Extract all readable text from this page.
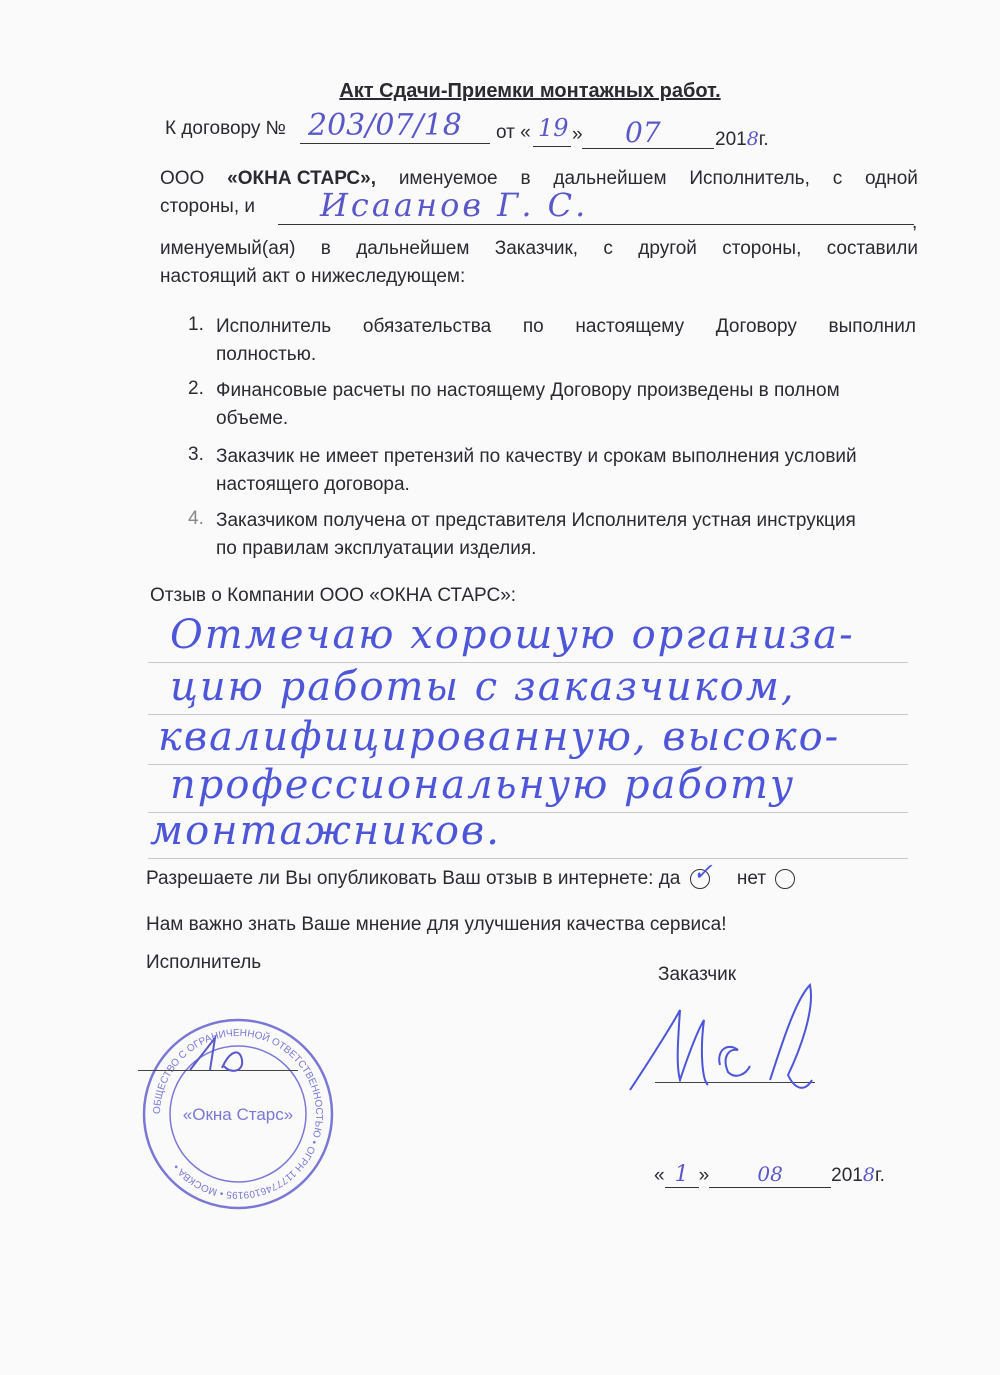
Акт Сдачи-Приемки монтажных работ.
К договору № 203/07/18 от « 19 » 07	2018г.
ООО «ОКНА СТАРС», именуемое в дальнейшем Исполнитель, с одной
стороны, и Исаанов Г. С.	,
именуемый(ая) в дальнейшем Заказчик, с другой стороны, составили
настоящий акт о нижеследующем:
1. Исполнитель обязательства по настоящему Договору выполнил
полностью.
2. Финансовые расчеты по настоящему Договору произведены в полном
объеме.
3. Заказчик не имеет претензий по качеству и срокам выполнения условий
настоящего договора.
4. Заказчиком получена от представителя Исполнителя устная инструкция
по правилам эксплуатации изделия.
Отзыв о Компании ООО «ОКНА СТАРС»:
Отмечаю хорошую организа-
цию работы с заказчиком,
квалифицированную, высоко-
профессиональную работу
монтажников.
Разрешаете ли Вы опубликовать Ваш отзыв в интернете: да ✓ нет
Нам важно знать Ваше мнение для улучшения качества сервиса!
Исполнитель
Заказчик
ОБЩЕСТВО С ОГРАНИЧЕННОЙ ОТВЕТСТВЕННОСТЬЮ • ОГРН 1177746109195 • МОСКВА •
«Окна Старс»
« 1 » 08	2018г.
